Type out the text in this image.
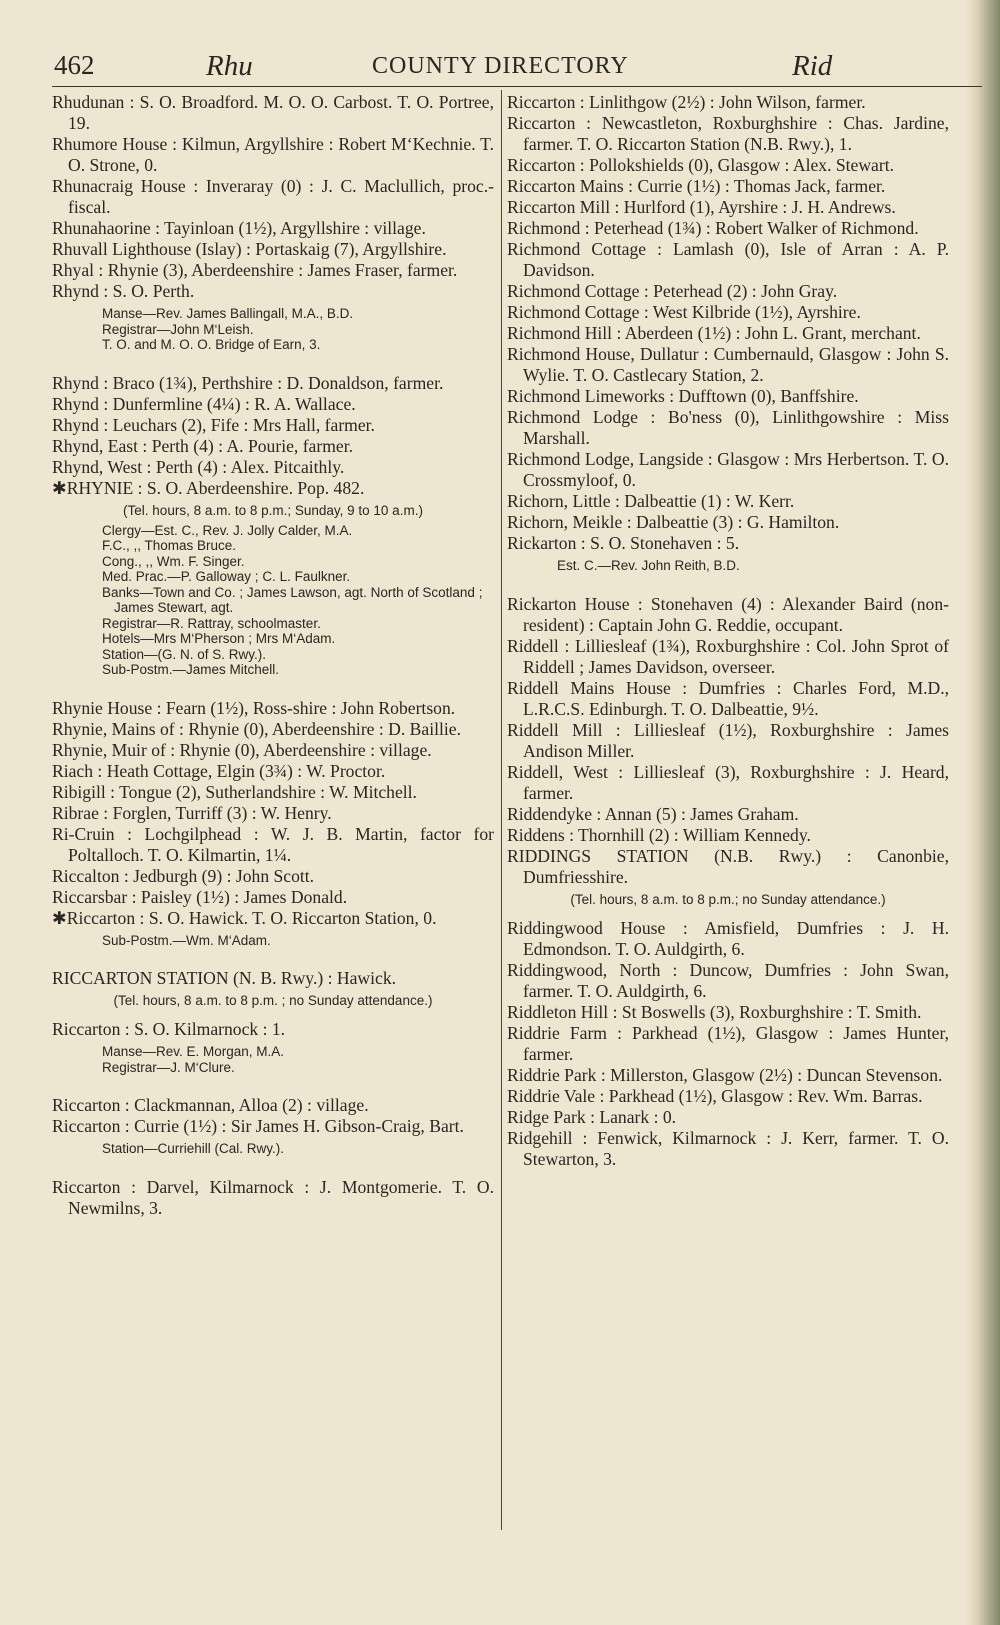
462	Rhu	COUNTY DIRECTORY	Rid
Rhudunan : S. O. Broadford. M. O. O. Carbost. T. O. Portree, 19.
Rhumore House : Kilmun, Argyllshire : Robert M‘Kechnie. T. O. Strone, 0.
Rhunacraig House : Inveraray (0) : J. C. Maclullich, proc.-fiscal.
Rhunahaorine : Tayinloan (1½), Argyllshire : village.
Rhuvall Lighthouse (Islay) : Portaskaig (7), Argyllshire.
Rhyal : Rhynie (3), Aberdeenshire : James Fraser, farmer.
Rhynd : S. O. Perth.
Manse—Rev. James Ballingall, M.A., B.D.
Registrar—John M‘Leish.
T. O. and M. O. O. Bridge of Earn, 3.
Rhynd : Braco (1¾), Perthshire : D. Donaldson, farmer.
Rhynd : Dunfermline (4¼) : R. A. Wallace.
Rhynd : Leuchars (2), Fife : Mrs Hall, farmer.
Rhynd, East : Perth (4) : A. Pourie, farmer.
Rhynd, West : Perth (4) : Alex. Pitcaithly.
✱RHYNIE : S. O. Aberdeenshire. Pop. 482.
(Tel. hours, 8 a.m. to 8 p.m.; Sunday, 9 to 10 a.m.)
Clergy—Est. C., Rev. J. Jolly Calder, M.A.
F.C., ,, Thomas Bruce.
Cong., ,, Wm. F. Singer.
Med. Prac.—P. Galloway ; C. L. Faulkner.
Banks—Town and Co. ; James Lawson, agt. North of Scotland ; James Stewart, agt.
Registrar—R. Rattray, schoolmaster.
Hotels—Mrs M‘Pherson ; Mrs M‘Adam.
Station—(G. N. of S. Rwy.).
Sub-Postm.—James Mitchell.
Rhynie House : Fearn (1½), Ross-shire : John Robertson.
Rhynie, Mains of : Rhynie (0), Aberdeenshire : D. Baillie.
Rhynie, Muir of : Rhynie (0), Aberdeenshire : village.
Riach : Heath Cottage, Elgin (3¾) : W. Proctor.
Ribigill : Tongue (2), Sutherlandshire : W. Mitchell.
Ribrae : Forglen, Turriff (3) : W. Henry.
Ri-Cruin : Lochgilphead : W. J. B. Martin, factor for Poltalloch. T. O. Kilmartin, 1¼.
Riccalton : Jedburgh (9) : John Scott.
Riccarsbar : Paisley (1½) : James Donald.
✱Riccarton : S. O. Hawick. T. O. Riccarton Station, 0.
Sub-Postm.—Wm. M‘Adam.
RICCARTON STATION (N. B. Rwy.) : Hawick.
(Tel. hours, 8 a.m. to 8 p.m. ; no Sunday attendance.)
Riccarton : S. O. Kilmarnock : 1.
Manse—Rev. E. Morgan, M.A.
Registrar—J. M‘Clure.
Riccarton : Clackmannan, Alloa (2) : village.
Riccarton : Currie (1½) : Sir James H. Gibson-Craig, Bart.
Station—Curriehill (Cal. Rwy.).
Riccarton : Darvel, Kilmarnock : J. Montgomerie. T. O. Newmilns, 3.
Riccarton : Linlithgow (2½) : John Wilson, farmer.
Riccarton : Newcastleton, Roxburghshire : Chas. Jardine, farmer. T. O. Riccarton Station (N.B. Rwy.), 1.
Riccarton : Pollokshields (0), Glasgow : Alex. Stewart.
Riccarton Mains : Currie (1½) : Thomas Jack, farmer.
Riccarton Mill : Hurlford (1), Ayrshire : J. H. Andrews.
Richmond : Peterhead (1¾) : Robert Walker of Richmond.
Richmond Cottage : Lamlash (0), Isle of Arran : A. P. Davidson.
Richmond Cottage : Peterhead (2) : John Gray.
Richmond Cottage : West Kilbride (1½), Ayrshire.
Richmond Hill : Aberdeen (1½) : John L. Grant, merchant.
Richmond House, Dullatur : Cumbernauld, Glasgow : John S. Wylie. T. O. Castlecary Station, 2.
Richmond Limeworks : Dufftown (0), Banffshire.
Richmond Lodge : Bo'ness (0), Linlithgowshire : Miss Marshall.
Richmond Lodge, Langside : Glasgow : Mrs Herbertson. T. O. Crossmyloof, 0.
Richorn, Little : Dalbeattie (1) : W. Kerr.
Richorn, Meikle : Dalbeattie (3) : G. Hamilton.
Rickarton : S. O. Stonehaven : 5.
Est. C.—Rev. John Reith, B.D.
Rickarton House : Stonehaven (4) : Alexander Baird (non-resident) : Captain John G. Reddie, occupant.
Riddell : Lilliesleaf (1¾), Roxburghshire : Col. John Sprot of Riddell ; James Davidson, overseer.
Riddell Mains House : Dumfries : Charles Ford, M.D., L.R.C.S. Edinburgh. T. O. Dalbeattie, 9½.
Riddell Mill : Lilliesleaf (1½), Roxburghshire : James Andison Miller.
Riddell, West : Lilliesleaf (3), Roxburghshire : J. Heard, farmer.
Riddendyke : Annan (5) : James Graham.
Riddens : Thornhill (2) : William Kennedy.
RIDDINGS STATION (N.B. Rwy.) : Canonbie, Dumfriesshire.
(Tel. hours, 8 a.m. to 8 p.m.; no Sunday attendance.)
Riddingwood House : Amisfield, Dumfries : J. H. Edmondson. T. O. Auldgirth, 6.
Riddingwood, North : Duncow, Dumfries : John Swan, farmer. T. O. Auldgirth, 6.
Riddleton Hill : St Boswells (3), Roxburghshire : T. Smith.
Riddrie Farm : Parkhead (1½), Glasgow : James Hunter, farmer.
Riddrie Park : Millerston, Glasgow (2½) : Duncan Stevenson.
Riddrie Vale : Parkhead (1½), Glasgow : Rev. Wm. Barras.
Ridge Park : Lanark : 0.
Ridgehill : Fenwick, Kilmarnock : J. Kerr, farmer. T. O. Stewarton, 3.
